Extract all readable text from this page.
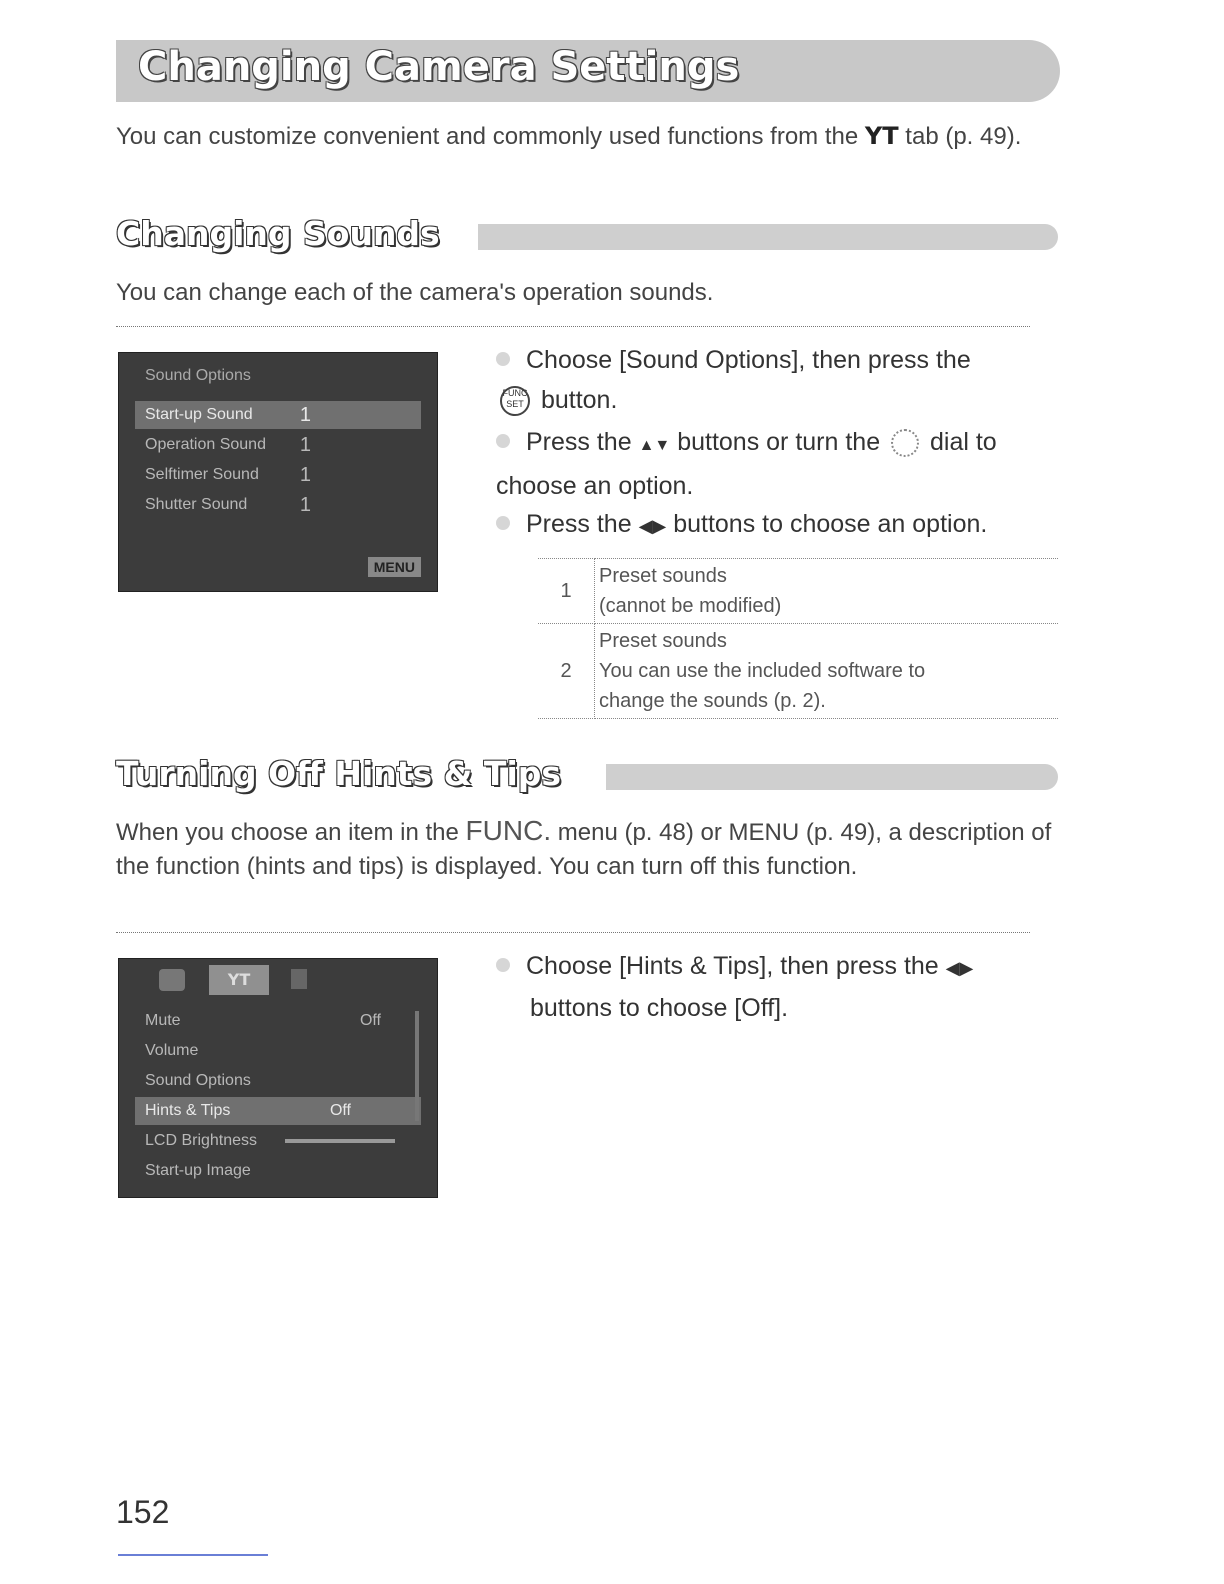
Changing Camera Settings
You can customize convenient and commonly used functions from the YT tab (p. 49).
Changing Sounds
You can change each of the camera's operation sounds.
Sound Options
Start-up Sound 1
Operation Sound 1
Selftimer Sound 1
Shutter Sound	1
MENU
Choose [Sound Options], then press the
FUNC SET button.
Press the ▲▼ buttons or turn the dial to choose an option.
Press the ◀▶ buttons to choose an option.
1	Preset sounds
(cannot be modified)

2	Preset sounds
You can use the included software to
change the sounds (p. 2).
Turning Off Hints & Tips
When you choose an item in the FUNC. menu (p. 48) or MENU (p. 49), a description of the function (hints and tips) is displayed. You can turn off this function.
YT
Mute	Off
Volume
Sound Options
Hints & Tips	Off
LCD Brightness
Start-up Image
Choose [Hints & Tips], then press the ◀▶
buttons to choose [Off].
152
